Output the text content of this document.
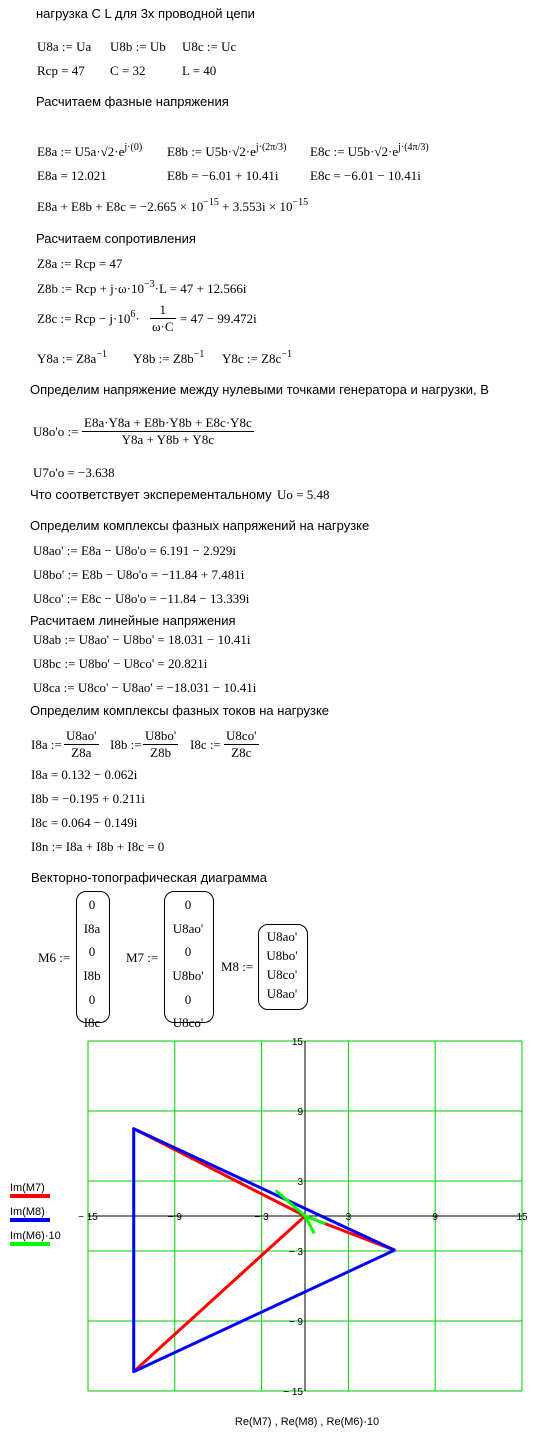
нагрузка C L для 3х проводной цепи
U8a := Ua U8b := Ub U8c := Uc
Rcp = 47 C = 32	L = 40
Расчитаем фазные напряжения
E8a := $U5a\cdot√2\cdot e^{j\cdot(0)}$ E8b := $U5b\cdot√2\cdot e^{j\cdot(2\pi/3)}$ E8c := $U5b\cdot√2\cdot e^{j\cdot(4\pi/3)}$
E8a = 12.021	E8b = −6.01 + 10.41i E8c = −6.01 − 10.41i
$E8a + E8b + E8c = -2.665 \times 10^{-15} + 3.553i \times 10^{-15}$
Расчитаем сопротивления
Z8a := Rcp = 47
Z8b := Rcp + $j\cdot\omega\cdot 10^{-3}\cdot L = 47 + 12.566i$
Z8c := Rcp − $j\cdot 10^6\cdot \frac{1}{\omega\cdot C} = 47 - 99.472i$
Y8a := $Z8a^{-1}$ Y8b := $Z8b^{-1}$ Y8c := $Z8c^{-1}$
Определим напряжение между нулевыми точками генератора и нагрузки, В
U8o'o := $\frac{E8a\cdot Y8a + E8b\cdot Y8b + E8c\cdot Y8c}{Y8a + Y8b + Y8c}$
U7o'o = −3.638
Что соответствует эксперементальному Uo = 5.48
Определим комплексы фазных напряжений на нагрузке
U8ao' := E8a − U8o'o = 6.191 − 2.929i
U8bo' := E8b − U8o'o = −11.84 + 7.481i
U8co' := E8c − U8o'o = −11.84 − 13.339i
Расчитаем линейные напряжения
U8ab := U8ao' − U8bo' = 18.031 − 10.41i
U8bc := U8bo' − U8co' = 20.821i
U8ca := U8co' − U8ao' = −18.031 − 10.41i
Определим комплексы фазных токов на нагрузке
I8a := $\frac{U8ao'}{Z8a} I8b$ := $\frac{U8bo'}{Z8b} I8c$ := $\frac{U8co'}{Z8c}$
I8a = 0.132 − 0.062i
I8b = −0.195 + 0.211i
I8c = 0.064 − 0.149i
I8n := I8a + I8b + I8c = 0
Векторно-топографическая диаграмма
M6 :=
0
I8a
0
I8b
0
I8c
M7 :=
0
U8ao'
0
U8bo'
0
U8co'
M8 :=
U8ao'
U8bo'
U8co'
U8ao'
− 15	− 9	− 3	3	9	15
15
9
3
− 3
− 9
− 15
Im(M7)
Im(M8)
Im(M6)·10
Re(M7) , Re(M8) , Re(M6)·10
